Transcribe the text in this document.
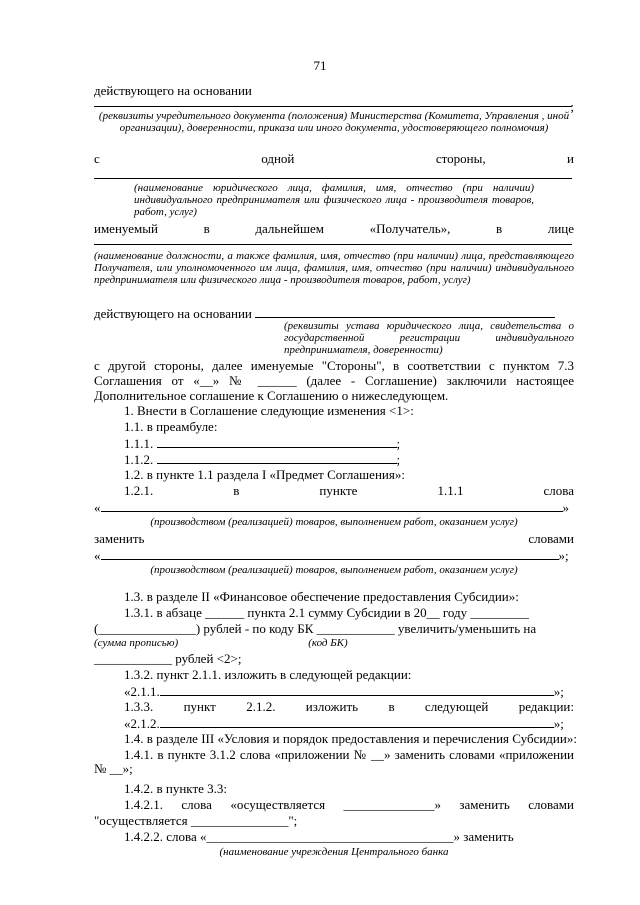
71
действующего на основании
;
(реквизиты учредительного документа (положения) Министерства (Комитета, Управления , иной организации), доверенности, приказа или иного документа, удостоверяющего полномочия)
с	одной	стороны,	и
(наименование юридического лица, фамилия, имя, отчество (при наличии) индивидуального предпринимателя или физического лица - производителя товаров, работ, услуг)
именуемый	в	дальнейшем	«Получатель»,	в	лице
(наименование должности, а также фамилия, имя, отчество (при наличии) лица, представляющего Получателя, или уполномоченного им лица, фамилия, имя, отчество (при наличии) индивидуального предпринимателя или физического лица - производителя товаров, работ, услуг)
действующего на основании
(реквизиты устава юридического лица, свидетельства о государственной регистрации индивидуального предпринимателя, доверенности)
с другой стороны, далее именуемые "Стороны", в соответствии с пунктом 7.3 Соглашения от «__» № ______ (далее - Соглашение) заключили настоящее Дополнительное соглашение к Соглашению о нижеследующем.
1. Внести в Соглашение следующие изменения <1>:
1.1. в преамбуле:
1.1.1.	;
1.1.2.	;
1.2. в пункте 1.1 раздела I «Предмет Соглашения»:
1.2.1.	в	пункте	1.1.1	слова
«	»
(производством (реализацией) товаров, выполнением работ, оказанием услуг)
заменить	словами
«	»;
(производством (реализацией) товаров, выполнением работ, оказанием услуг)
1.3. в разделе II «Финансовое обеспечение предоставления Субсидии»:
1.3.1. в абзаце ______ пункта 2.1 сумму Субсидии в 20__ году _________
(_______________) рублей - по коду БК ____________ увеличить/уменьшить на
(сумма прописью)	(код БК)
____________ рублей <2>;
1.3.2. пункт 2.1.1. изложить в следующей редакции:
«2.1.1.	»;
1.3.3. пункт 2.1.2. изложить в следующей редакции:
«2.1.2.	»;
1.4. в разделе III «Условия и порядок предоставления и перечисления Субсидии»:
1.4.1. в пункте 3.1.2 слова «приложении № __» заменить словами «приложении № __»;
1.4.2. в пункте 3.3:
1.4.2.1. слова «осуществляется ______________» заменить словами
"осуществляется _______________";
1.4.2.2. слова «______________________________________» заменить
(наименование учреждения Центрального банка
